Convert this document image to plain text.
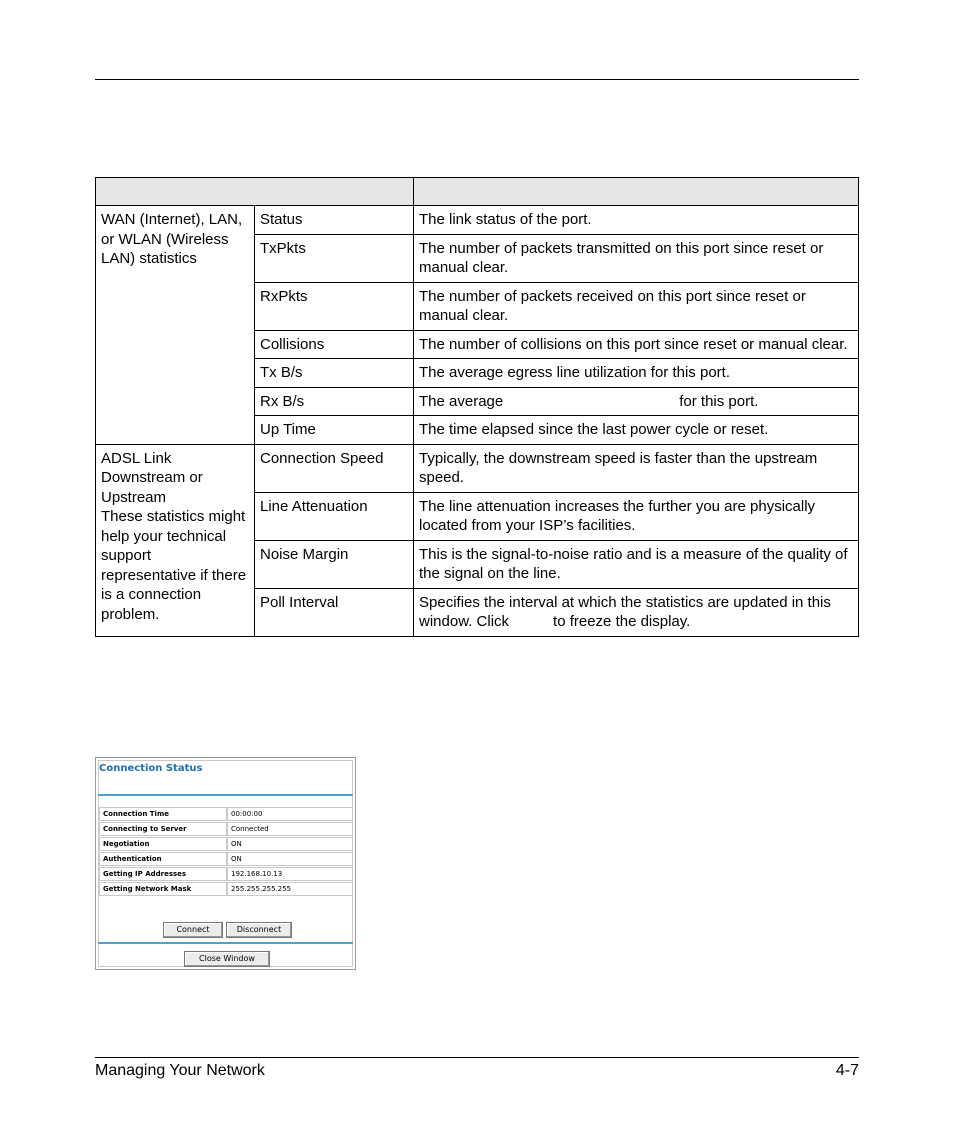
WAN (Internet), LAN, or WLAN (Wireless LAN) statistics	Status	The link status of the port.
	TxPkts	The number of packets transmitted on this port since reset or manual clear.
	RxPkts	The number of packets received on this port since reset or manual clear.
	Collisions	The number of collisions on this port since reset or manual clear.
	Tx B/s	The average egress line utilization for this port.
	Rx B/s	The average for this port.
	Up Time	The time elapsed since the last power cycle or reset.
ADSL Link Downstream or Upstream
These statistics might help your technical support representative if there is a connection problem.	Connection Speed	Typically, the downstream speed is faster than the upstream speed.
	Line Attenuation	The line attenuation increases the further you are physically located from your ISP’s facilities.
	Noise Margin	This is the signal-to-noise ratio and is a measure of the quality of the signal on the line.
	Poll Interval	Specifies the interval at which the statistics are updated in this window. Click to freeze the display.
Connection Status
Connection Time	00:00:00
Connecting to Server	Connected
Negotiation	ON
Authentication	ON
Getting IP Addresses	192.168.10.13
Getting Network Mask	255.255.255.255
Connect	Disconnect
Close Window
Managing Your Network	4-7
